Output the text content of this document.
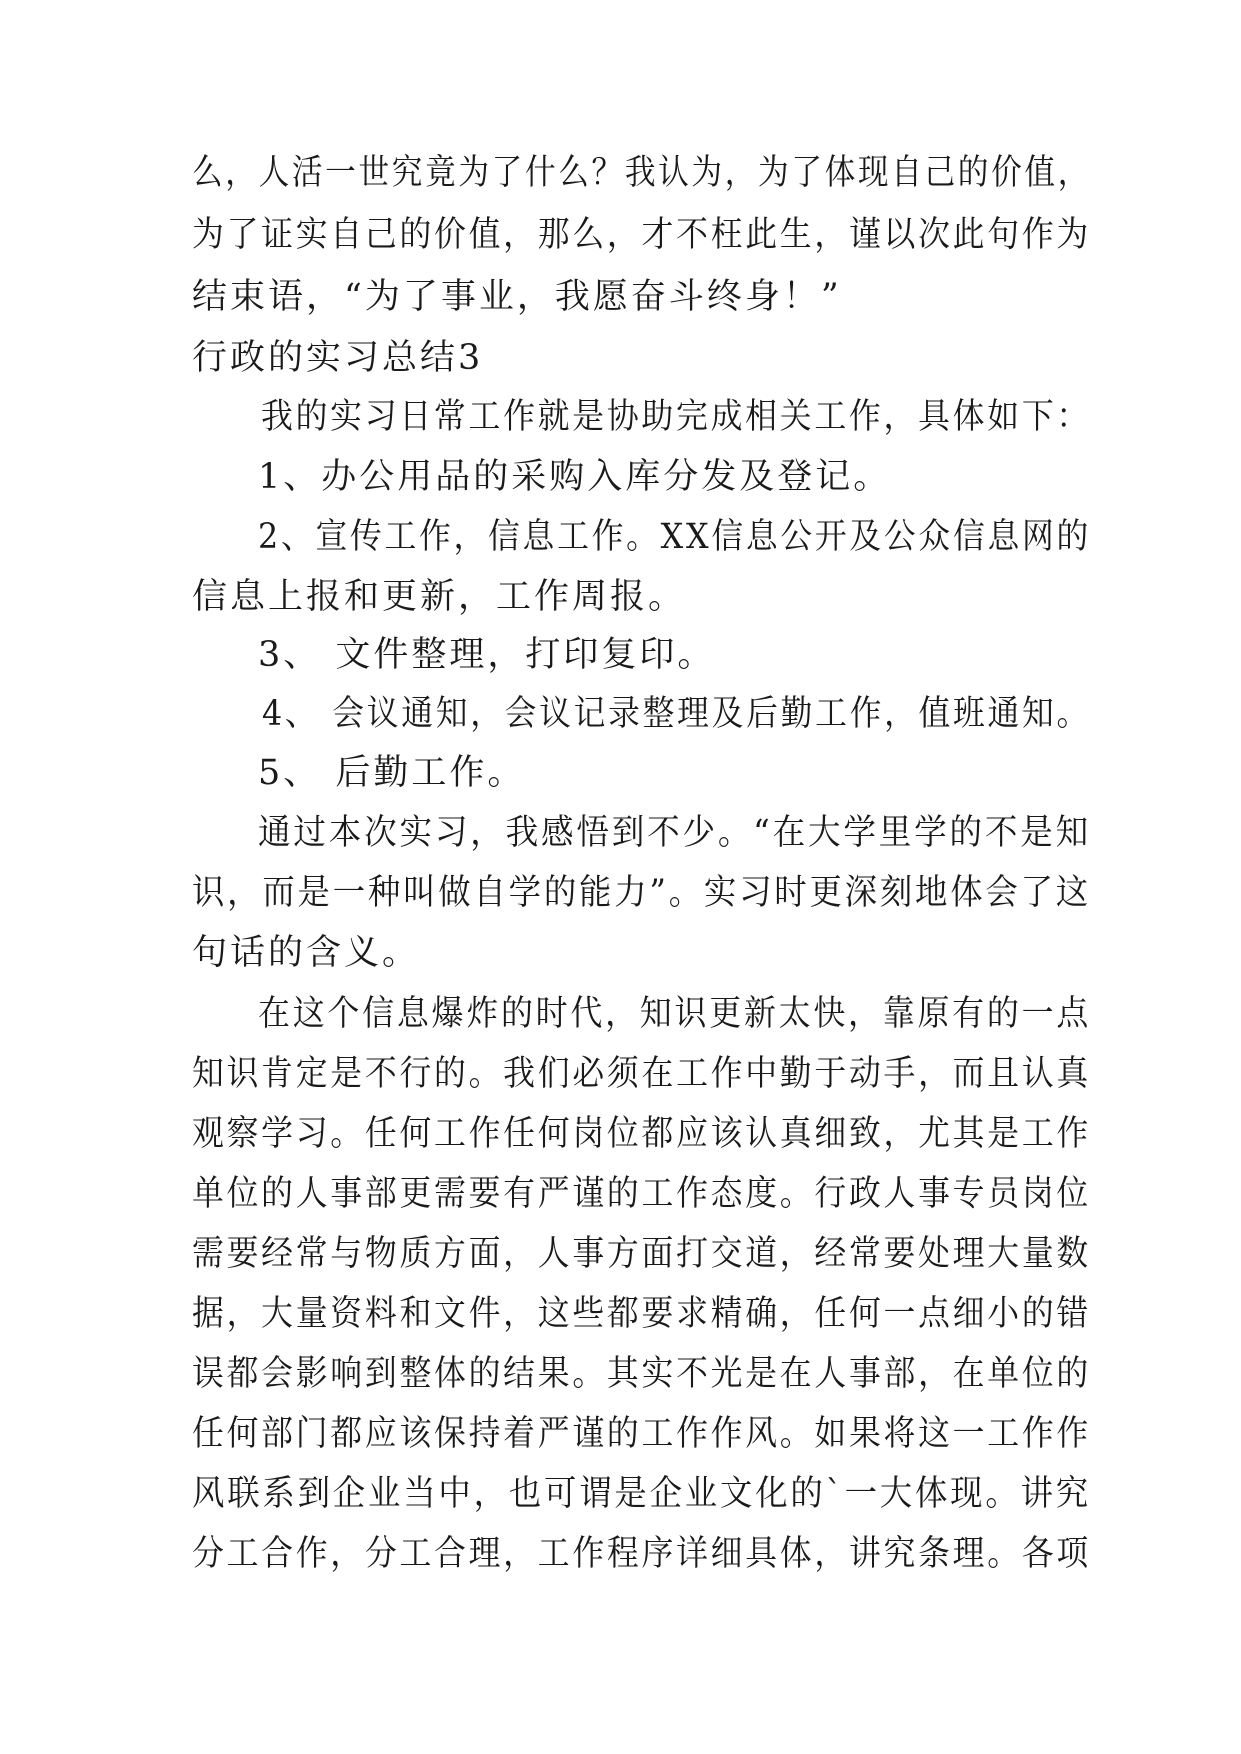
么，人活一世究竟为了什么？我认为，为了体现自己的价值，
为了证实自己的价值，那么，才不枉此生，谨以次此句作为
结束语，“为了事业，我愿奋斗终身！”
行政的实习总结3
我的实习日常工作就是协助完成相关工作，具体如下：
1、办公用品的采购入库分发及登记。
2、宣传工作，信息工作。XX信息公开及公众信息网的
信息上报和更新，工作周报。
3、 文件整理，打印复印。
4、 会议通知，会议记录整理及后勤工作，值班通知。
5、 后勤工作。
通过本次实习，我感悟到不少。“在大学里学的不是知
识，而是一种叫做自学的能力”。实习时更深刻地体会了这
句话的含义。
在这个信息爆炸的时代，知识更新太快，靠原有的一点
知识肯定是不行的。我们必须在工作中勤于动手，而且认真
观察学习。任何工作任何岗位都应该认真细致，尤其是工作
单位的人事部更需要有严谨的工作态度。行政人事专员岗位
需要经常与物质方面，人事方面打交道，经常要处理大量数
据，大量资料和文件，这些都要求精确，任何一点细小的错
误都会影响到整体的结果。其实不光是在人事部，在单位的
任何部门都应该保持着严谨的工作作风。如果将这一工作作
风联系到企业当中，也可谓是企业文化的`一大体现。讲究
分工合作，分工合理，工作程序详细具体，讲究条理。各项
